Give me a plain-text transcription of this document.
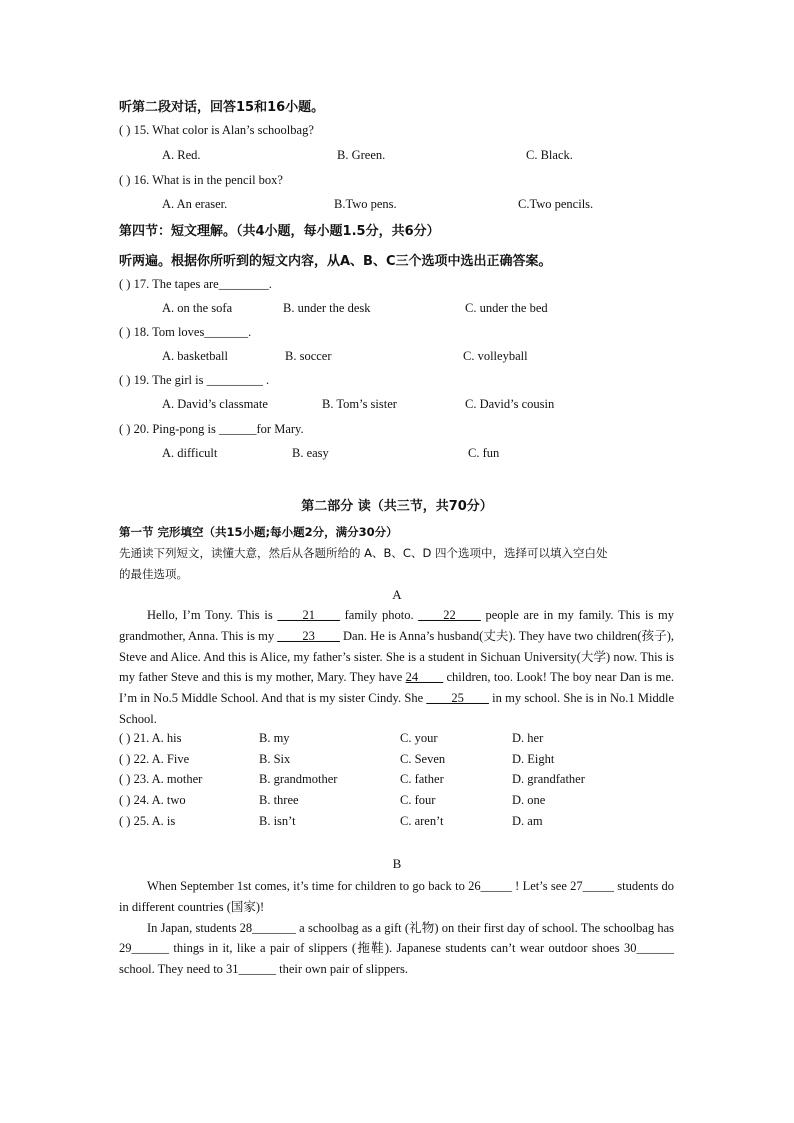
听第二段对话，回答15和16小题。
( ) 15. What color is Alan’s schoolbag?
A. Red.	B. Green.	C. Black.
( ) 16. What is in the pencil box?
A. An eraser.	B.Two pens.	C.Two pencils.
第四节：短文理解。（共4小题，每小题1.5分，共6分）
听两遍。根据你所听到的短文内容，从A、B、C三个选项中选出正确答案。
( ) 17. The tapes are________.
A. on the sofa	B. under the desk	C. under the bed
( ) 18. Tom loves_______.
A. basketball	B. soccer	C. volleyball
( ) 19. The girl is _________ .
A. David’s classmate	B. Tom’s sister	C. David’s cousin
( ) 20. Ping-pong is ______for Mary.
A. difficult	B. easy	C. fun
第二部分 读（共三节，共70分）
第一节 完形填空（共15小题;每小题2分，满分30分）
先通读下列短文，读懂大意，然后从各题所给的 A、B、C、D 四个选项中，选择可以填入空白处
的最佳选项。
A

Hello, I’m Tony. This is ____21____ family photo. ____22____ people are in my family. This is my grandmother, Anna. This is my ____23____ Dan. He is Anna’s husband(丈夫). They have two children(孩子), Steve and Alice. And this is Alice, my father’s sister. She is a student in Sichuan University(大学) now. This is my father Steve and this is my mother, Mary. They have 24____ children, too. Look! The boy near Dan is me. I’m in No.5 Middle School. And that is my sister Cindy. She ____25____ in my school. She is in No.1 Middle School.

( ) 21. A. his	B. my	C. your	D. her
( ) 22. A. Five	B. Six	C. Seven	D. Eight
( ) 23. A. mother	B. grandmother	C. father	D. grandfather
( ) 24. A. two	B. three	C. four	D. one
( ) 25. A. is	B. isn’t	C. aren’t	D. am
B

When September 1st comes, it’s time for children to go back to 26_____ ! Let’s see 27_____ students do in different countries (国家)!

In Japan, students 28_______ a schoolbag as a gift (礼物) on their first day of school. The schoolbag has 29______ things in it, like a pair of slippers (拖鞋). Japanese students can’t wear outdoor shoes 30______ school. They need to 31______ their own pair of slippers.
